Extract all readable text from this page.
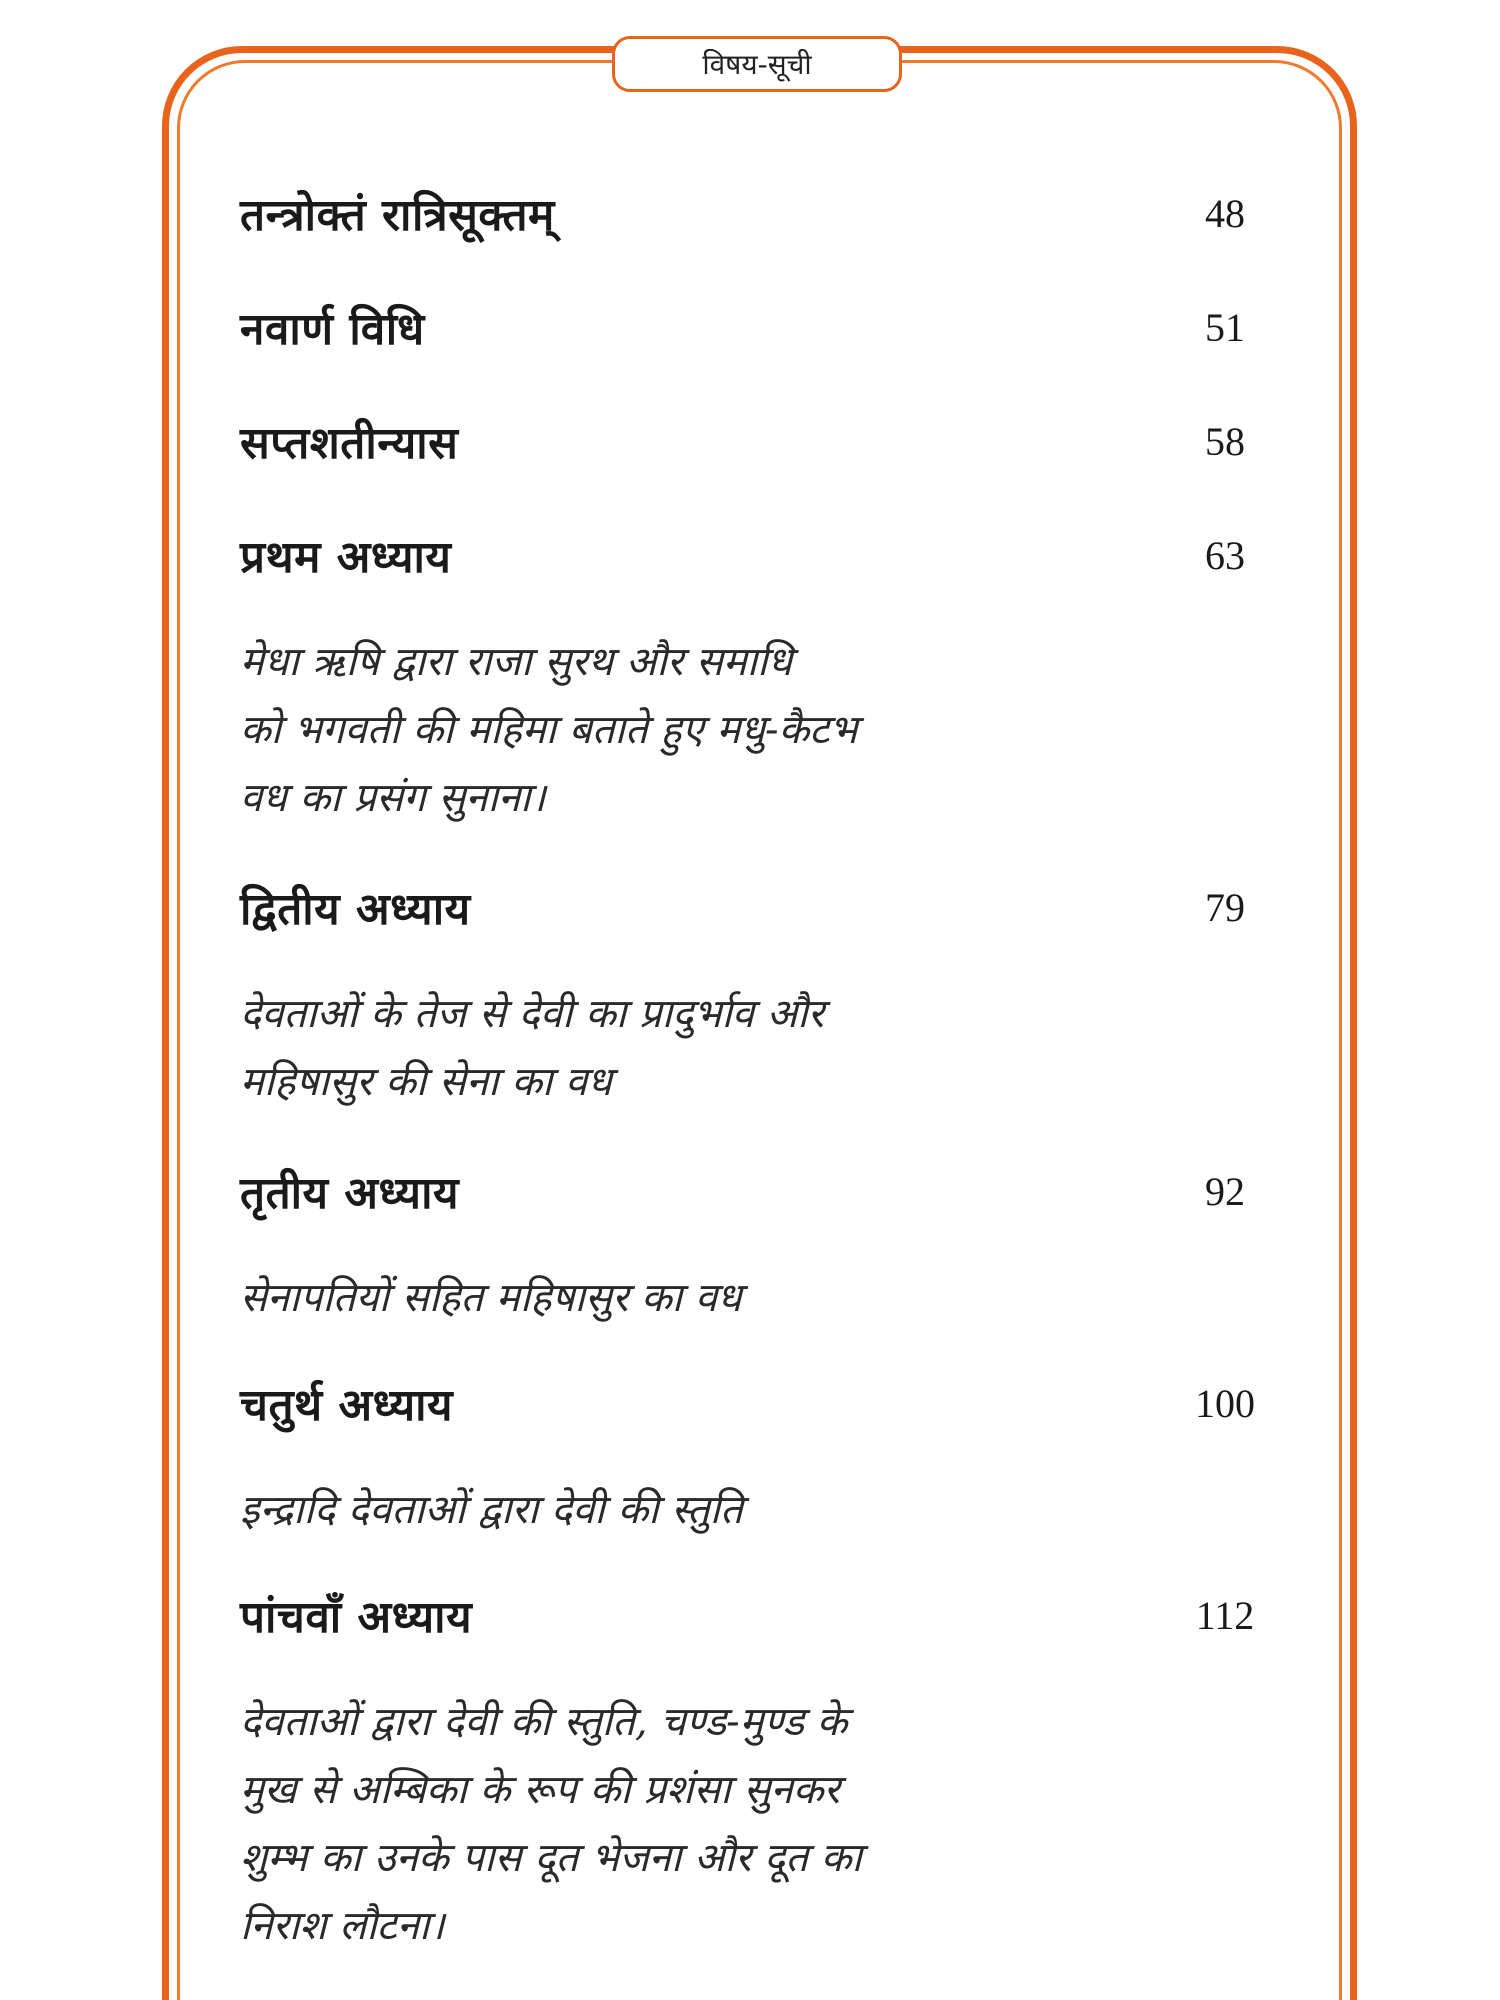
विषय-सूची
तन्त्रोक्तं रात्रिसूक्तम्	48
नवार्ण विधि	51
सप्तशतीन्यास	58
प्रथम अध्याय	63
मेधा ऋषि द्वारा राजा सुरथ और समाधि
को भगवती की महिमा बताते हुए मधु-कैटभ
वध का प्रसंग सुनाना।
द्वितीय अध्याय	79
देवताओं के तेज से देवी का प्रादुर्भाव और
महिषासुर की सेना का वध
तृतीय अध्याय	92
सेनापतियों सहित महिषासुर का वध
चतुर्थ अध्याय	100
इन्द्रादि देवताओं द्वारा देवी की स्तुति
पांचवाँ अध्याय	112
देवताओं द्वारा देवी की स्तुति, चण्ड-मुण्ड के
मुख से अम्बिका के रूप की प्रशंसा सुनकर
शुम्भ का उनके पास दूत भेजना और दूत का
निराश लौटना।
